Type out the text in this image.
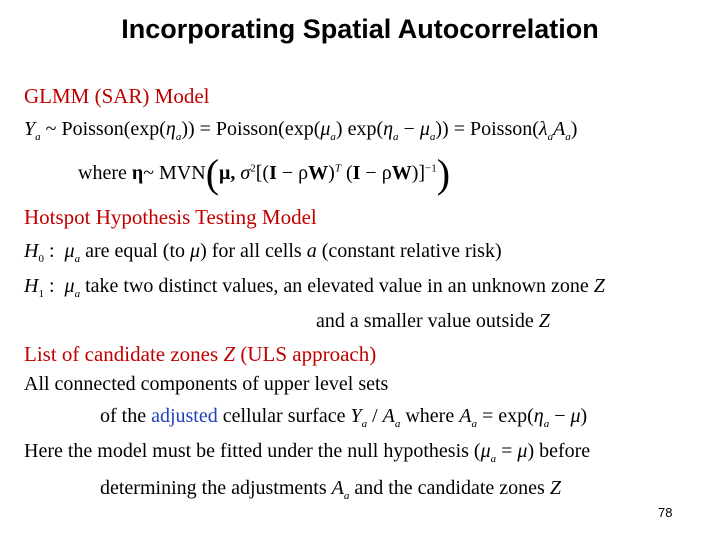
Incorporating Spatial Autocorrelation
GLMM (SAR) Model
$Y_a$ ~ $Poisson(\exp(\eta_a))$ = $Poisson(\exp(\mu_a) \exp(\eta_a - \mu_a))$ = $Poisson(\lambda_aA_a)$
where η~ MVN(μ, $\sigma^2[(I - \rho W)^T$ (I − ρW)]$^{-1}$)
Hotspot Hypothesis Testing Model
$H_0$ : $\mu_a$ are equal (to μ) for all cells a (constant relative risk)
$H_1$ : $\mu_a$ take two distinct values, an elevated value in an unknown zone Z
and a smaller value outside Z
List of candidate zones Z (ULS approach)
All connected components of upper level sets
of the adjusted cellular surface $Y_a / A_a$ where $A_a = \exp(\eta_a - \mu)$
Here the model must be fitted under the null hypothesis $(\mu_a = \mu)$ before
determining the adjustments $A_a$ and the candidate zones Z
78
